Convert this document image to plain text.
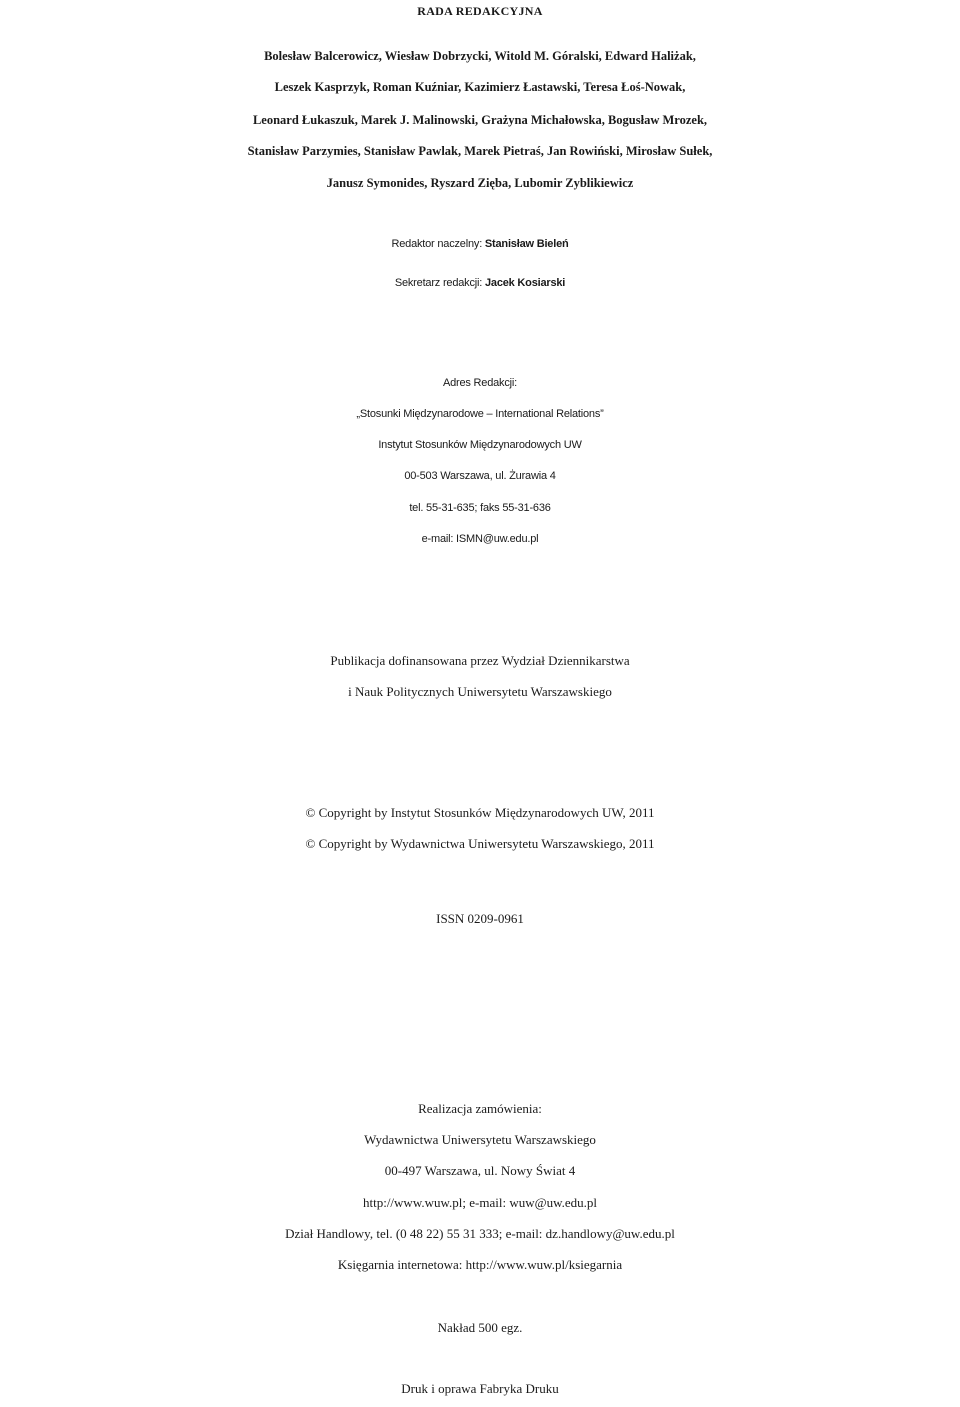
RADA REDAKCYJNA
Bolesław Balcerowicz, Wiesław Dobrzycki, Witold M. Góralski, Edward Haliżak,
Leszek Kasprzyk, Roman Kuźniar, Kazimierz Łastawski, Teresa Łoś-Nowak,
Leonard Łukaszuk, Marek J. Malinowski, Grażyna Michałowska, Bogusław Mrozek,
Stanisław Parzymies, Stanisław Pawlak, Marek Pietraś, Jan Rowiński, Mirosław Sułek,
Janusz Symonides, Ryszard Zięba, Lubomir Zyblikiewicz
Redaktor naczelny: Stanisław Bieleń
Sekretarz redakcji: Jacek Kosiarski
Adres Redakcji:
„Stosunki Międzynarodowe – International Relations”
Instytut Stosunków Międzynarodowych UW
00-503 Warszawa, ul. Żurawia 4
tel. 55-31-635; faks 55-31-636
e-mail: ISMN@uw.edu.pl
Publikacja dofinansowana przez Wydział Dziennikarstwa
i Nauk Politycznych Uniwersytetu Warszawskiego
© Copyright by Instytut Stosunków Międzynarodowych UW, 2011
© Copyright by Wydawnictwa Uniwersytetu Warszawskiego, 2011
ISSN 0209-0961
Realizacja zamówienia:
Wydawnictwa Uniwersytetu Warszawskiego
00-497 Warszawa, ul. Nowy Świat 4
http://www.wuw.pl; e-mail: wuw@uw.edu.pl
Dział Handlowy, tel. (0 48 22) 55 31 333; e-mail: dz.handlowy@uw.edu.pl
Księgarnia internetowa: http://www.wuw.pl/ksiegarnia
Nakład 500 egz.
Druk i oprawa Fabryka Druku
